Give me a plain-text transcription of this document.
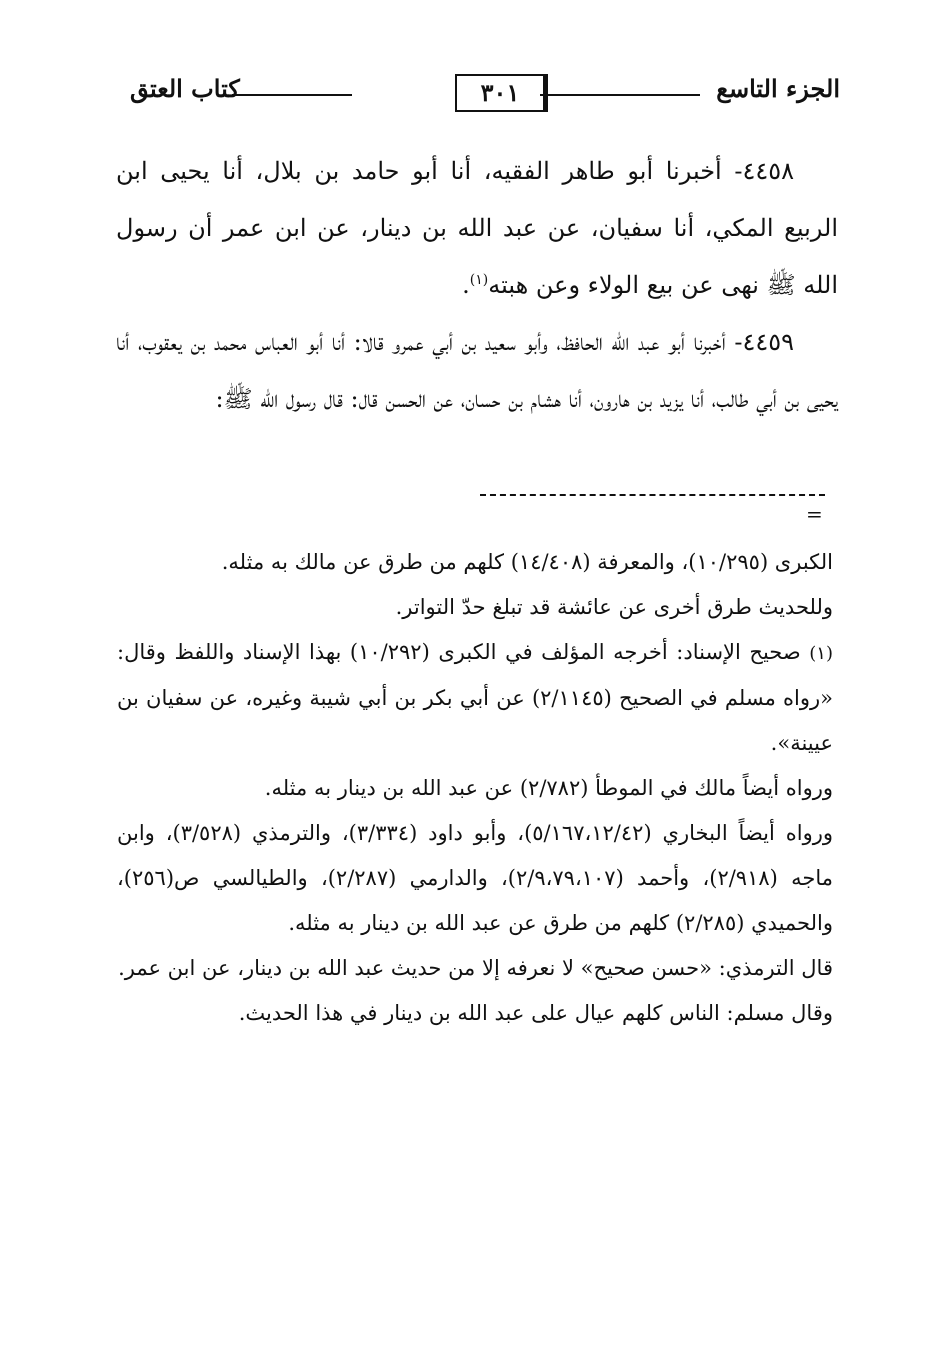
الجزء التاسع
٣٠١
كتاب العتق

٤٤٥٨- أخبرنا أبو طاهر الفقيه، أنا أبو حامد بن بلال، أنا يحيى ابن الربيع المكي، أنا سفيان، عن عبد الله بن دينار، عن ابن عمر أن رسول الله ﷺ نهى عن بيع الولاء وعن هبته$^{(١)}$.

٤٤٥٩- أخبرنا أبو عبد الله الحافظ، وأبو سعيد بن أبي عمرو قالا: أنا أبو العباس محمد بن يعقوب، أنا يحيى بن أبي طالب، أنا يزيد بن هارون، أنا هشام بن حسان، عن الحسن قال: قال رسول الله ﷺ:

=

الكبرى (١٠/٢٩٥)، والمعرفة (١٤/٤٠٨) كلهم من طرق عن مالك به مثله.

وللحديث طرق أخرى عن عائشة قد تبلغ حدّ التواتر.

(١) صحيح الإسناد: أخرجه المؤلف في الكبرى (١٠/٢٩٢) بهذا الإسناد واللفظ وقال: «رواه مسلم في الصحيح (٢/١١٤٥) عن أبي بكر بن أبي شيبة وغيره، عن سفيان بن عيينة».

ورواه أيضاً مالك في الموطأ (٢/٧٨٢) عن عبد الله بن دينار به مثله.

ورواه أيضاً البخاري (٥/١٦٧،١٢/٤٢)، وأبو داود (٣/٣٣٤)، والترمذي (٣/٥٢٨)، وابن ماجه (٢/٩١٨)، وأحمد (٢/٩،٧٩،١٠٧)، والدارمي (٢/٢٨٧)، والطيالسي ص(٢٥٦)، والحميدي (٢/٢٨٥) كلهم من طرق عن عبد الله بن دينار به مثله.

قال الترمذي: «حسن صحيح» لا نعرفه إلا من حديث عبد الله بن دينار، عن ابن عمر.

وقال مسلم: الناس كلهم عيال على عبد الله بن دينار في هذا الحديث.
